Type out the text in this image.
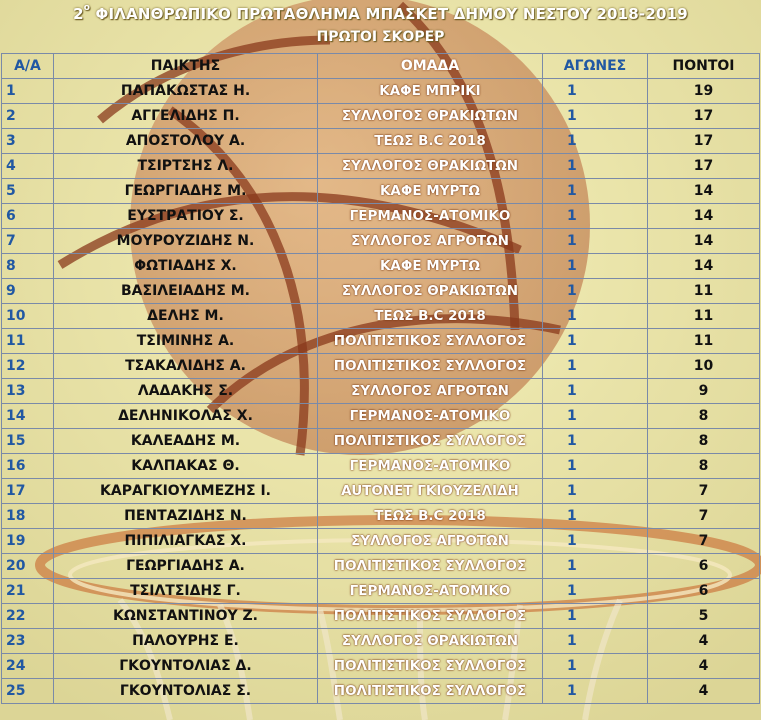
$2^o$ ΦΙΛΑΝΘΡΩΠΙΚΟ ΠΡΩΤΑΘΛΗΜΑ ΜΠΑΣΚΕΤ ΔΗΜΟΥ ΝΕΣΤΟΥ 2018-2019
ΠΡΩΤΟΙ ΣΚΟΡΕΡ
Α/Α	ΠΑΙΚΤΗΣ	ΟΜΑΔΑ	ΑΓΩΝΕΣ	ΠΟΝΤΟΙ
1	ΠΑΠΑΚΩΣΤΑΣ Η.	ΚΑΦΕ ΜΠΡΙΚΙ	1	19
2	ΑΓΓΕΛΙΔΗΣ Π.	ΣΥΛΛΟΓΟΣ ΘΡΑΚΙΩΤΩΝ	1	17
3	ΑΠΟΣΤΟΛΟΥ Α.	ΤΕΩΣ Β.C 2018	1	17
4	ΤΣΙΡΤΣΗΣ Λ.	ΣΥΛΛΟΓΟΣ ΘΡΑΚΙΩΤΩΝ	1	17
5	ΓΕΩΡΓΙΑΔΗΣ Μ.	ΚΑΦΕ ΜΥΡΤΩ	1	14
6	ΕΥΣΤΡΑΤΙΟΥ Σ.	ΓΕΡΜΑΝΟΣ-ΑΤΟΜΙΚΟ	1	14
7	ΜΟΥΡΟΥΖΙΔΗΣ Ν.	ΣΥΛΛΟΓΟΣ ΑΓΡΟΤΩΝ	1	14
8	ΦΩΤΙΑΔΗΣ Χ.	ΚΑΦΕ ΜΥΡΤΩ	1	14
9	ΒΑΣΙΛΕΙΑΔΗΣ Μ.	ΣΥΛΛΟΓΟΣ ΘΡΑΚΙΩΤΩΝ	1	11
10	ΔΕΛΗΣ Μ.	ΤΕΩΣ Β.C 2018	1	11
11	ΤΣΙΜΙΝΗΣ Α.	ΠΟΛΙΤΙΣΤΙΚΟΣ ΣΥΛΛΟΓΟΣ	1	11
12	ΤΣΑΚΑΛΙΔΗΣ Α.	ΠΟΛΙΤΙΣΤΙΚΟΣ ΣΥΛΛΟΓΟΣ	1	10
13	ΛΑΔΑΚΗΣ Σ.	ΣΥΛΛΟΓΟΣ ΑΓΡΟΤΩΝ	1	9
14	ΔΕΛΗΝΙΚΟΛΑΣ Χ.	ΓΕΡΜΑΝΟΣ-ΑΤΟΜΙΚΟ	1	8
15	ΚΑΛΕΑΔΗΣ Μ.	ΠΟΛΙΤΙΣΤΙΚΟΣ ΣΥΛΛΟΓΟΣ	1	8
16	ΚΑΛΠΑΚΑΣ Θ.	ΓΕΡΜΑΝΟΣ-ΑΤΟΜΙΚΟ	1	8
17	ΚΑΡΑΓΚΙΟΥΛΜΕΖΗΣ Ι.	AUTONET ΓΚΙΟΥΖΕΛΙΔΗ	1	7
18	ΠΕΝΤΑΖΙΔΗΣ Ν.	ΤΕΩΣ Β.C 2018	1	7
19	ΠΙΠΙΛΙΑΓΚΑΣ Χ.	ΣΥΛΛΟΓΟΣ ΑΓΡΟΤΩΝ	1	7
20	ΓΕΩΡΓΙΑΔΗΣ Α.	ΠΟΛΙΤΙΣΤΙΚΟΣ ΣΥΛΛΟΓΟΣ	1	6
21	ΤΣΙΛΤΣΙΔΗΣ Γ.	ΓΕΡΜΑΝΟΣ-ΑΤΟΜΙΚΟ	1	6
22	ΚΩΝΣΤΑΝΤΙΝΟΥ Ζ.	ΠΟΛΙΤΙΣΤΙΚΟΣ ΣΥΛΛΟΓΟΣ	1	5
23	ΠΑΛΟΥΡΗΣ Ε.	ΣΥΛΛΟΓΟΣ ΘΡΑΚΙΩΤΩΝ	1	4
24	ΓΚΟΥΝΤΟΛΙΑΣ Δ.	ΠΟΛΙΤΙΣΤΙΚΟΣ ΣΥΛΛΟΓΟΣ	1	4
25	ΓΚΟΥΝΤΟΛΙΑΣ Σ.	ΠΟΛΙΤΙΣΤΙΚΟΣ ΣΥΛΛΟΓΟΣ	1	4
